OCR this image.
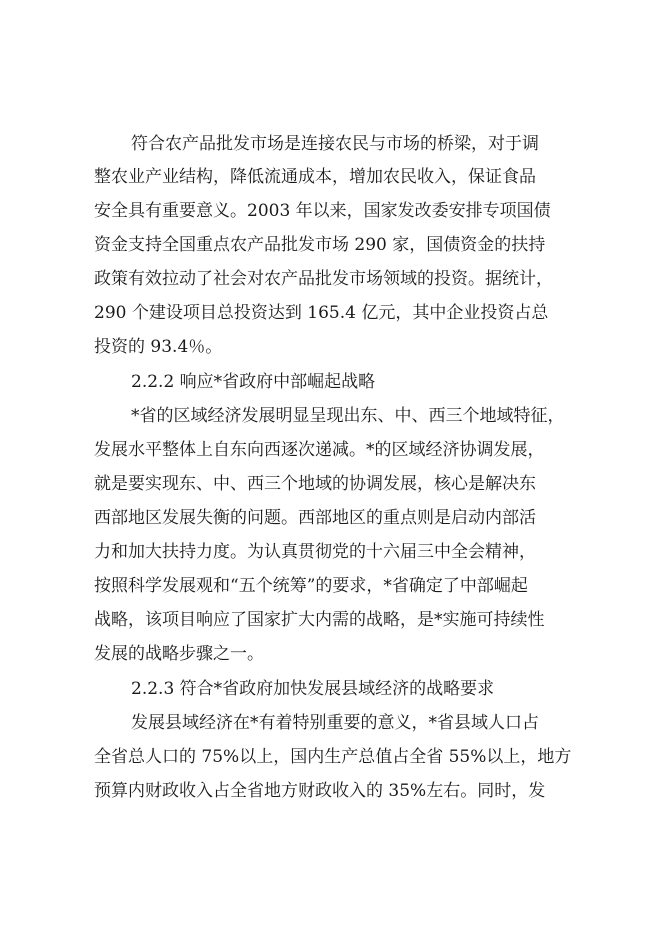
符合农产品批发市场是连接农民与市场的桥梁，对于调
整农业产业结构，降低流通成本，增加农民收入，保证食品
安全具有重要意义。2003 年以来，国家发改委安排专项国债
资金支持全国重点农产品批发市场 290 家，国债资金的扶持
政策有效拉动了社会对农产品批发市场领域的投资。据统计，
290 个建设项目总投资达到 165.4 亿元，其中企业投资占总
投资的 93.4％。
2.2.2 响应*省政府中部崛起战略
*省的区域经济发展明显呈现出东、中、西三个地域特征，
发展水平整体上自东向西逐次递减。*的区域经济协调发展，
就是要实现东、中、西三个地域的协调发展，核心是解决东
西部地区发展失衡的问题。西部地区的重点则是启动内部活
力和加大扶持力度。为认真贯彻党的十六届三中全会精神，
按照科学发展观和“五个统筹”的要求，*省确定了中部崛起
战略，该项目响应了国家扩大内需的战略，是*实施可持续性
发展的战略步骤之一。
2.2.3 符合*省政府加快发展县域经济的战略要求
发展县域经济在*有着特别重要的意义，*省县域人口占
全省总人口的 75%以上，国内生产总值占全省 55%以上，地方
预算内财政收入占全省地方财政收入的 35%左右。同时，发
